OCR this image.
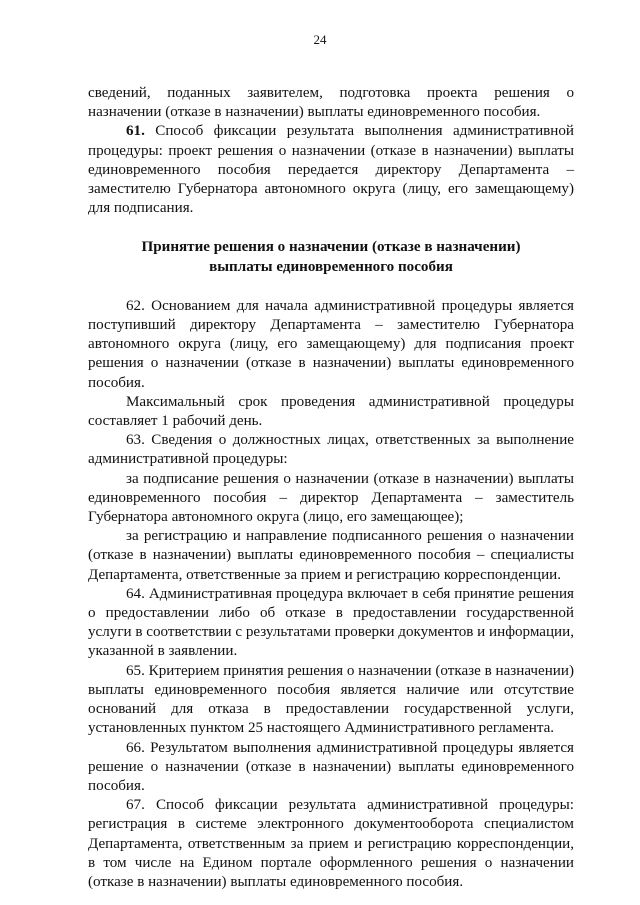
24

сведений, поданных заявителем, подготовка проекта решения о назначении (отказе в назначении) выплаты единовременного пособия.

61. Способ фиксации результата выполнения административной процедуры: проект решения о назначении (отказе в назначении) выплаты единовременного пособия передается директору Департамента – заместителю Губернатора автономного округа (лицу, его замещающему) для подписания.

Принятие решения о назначении (отказе в назначении)
выплаты единовременного пособия

62. Основанием для начала административной процедуры является поступивший директору Департамента – заместителю Губернатора автономного округа (лицу, его замещающему) для подписания проект решения о назначении (отказе в назначении) выплаты единовременного пособия.

Максимальный срок проведения административной процедуры составляет 1 рабочий день.

63. Сведения о должностных лицах, ответственных за выполнение административной процедуры:

за подписание решения о назначении (отказе в назначении) выплаты единовременного пособия – директор Департамента – заместитель Губернатора автономного округа (лицо, его замещающее);

за регистрацию и направление подписанного решения о назначении (отказе в назначении) выплаты единовременного пособия – специалисты Департамента, ответственные за прием и регистрацию корреспонденции.

64. Административная процедура включает в себя принятие решения о предоставлении либо об отказе в предоставлении государственной услуги в соответствии с результатами проверки документов и информации, указанной в заявлении.

65. Критерием принятия решения о назначении (отказе в назначении) выплаты единовременного пособия является наличие или отсутствие оснований для отказа в предоставлении государственной услуги, установленных пунктом 25 настоящего Административного регламента.

66. Результатом выполнения административной процедуры является решение о назначении (отказе в назначении) выплаты единовременного пособия.

67. Способ фиксации результата административной процедуры: регистрация в системе электронного документооборота специалистом Департамента, ответственным за прием и регистрацию корреспонденции, в том числе на Едином портале оформленного решения о назначении (отказе в назначении) выплаты единовременного пособия.
